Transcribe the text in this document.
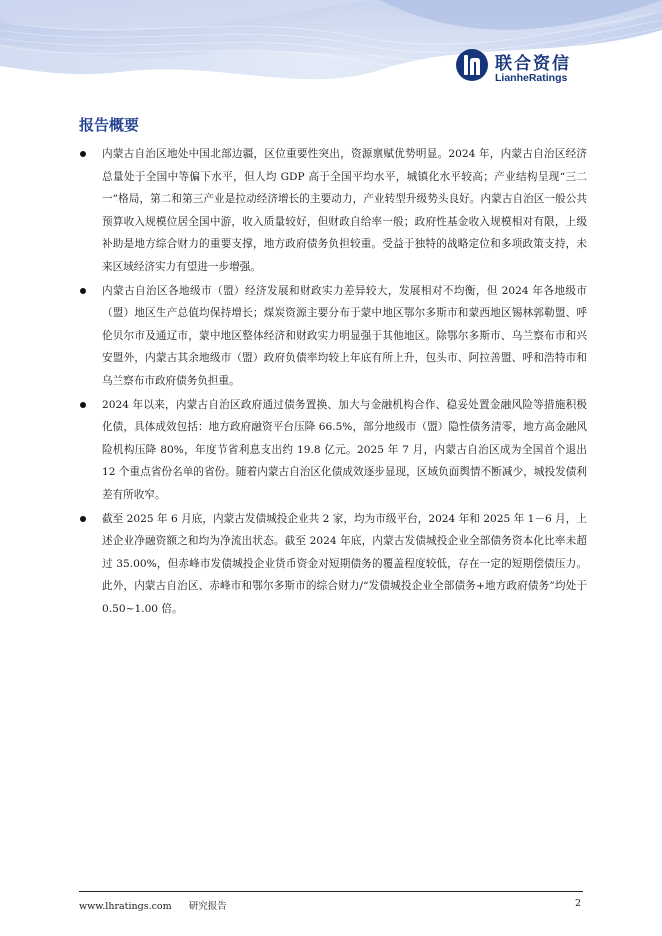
联合资信
LianheRatings
报告概要

内蒙古自治区地处中国北部边疆，区位重要性突出，资源禀赋优势明显。2024 年，内蒙古自治区经济总量处于全国中等偏下水平，但人均 GDP 高于全国平均水平，城镇化水平较高；产业结构呈现“三二一”格局，第二和第三产业是拉动经济增长的主要动力，产业转型升级势头良好。内蒙古自治区一般公共预算收入规模位居全国中游，收入质量较好，但财政自给率一般；政府性基金收入规模相对有限，上级补助是地方综合财力的重要支撑，地方政府债务负担较重。受益于独特的战略定位和多项政策支持，未来区域经济实力有望进一步增强。

内蒙古自治区各地级市（盟）经济发展和财政实力差异较大，发展相对不均衡，但 2024 年各地级市（盟）地区生产总值均保持增长；煤炭资源主要分布于蒙中地区鄂尔多斯市和蒙西地区锡林郭勒盟、呼伦贝尔市及通辽市，蒙中地区整体经济和财政实力明显强于其他地区。除鄂尔多斯市、乌兰察布市和兴安盟外，内蒙古其余地级市（盟）政府负债率均较上年底有所上升，包头市、阿拉善盟、呼和浩特市和乌兰察布市政府债务负担重。

2024 年以来，内蒙古自治区政府通过债务置换、加大与金融机构合作、稳妥处置金融风险等措施积极化债，具体成效包括：地方政府融资平台压降 66.5%，部分地级市（盟）隐性债务清零，地方高金融风险机构压降 80%，年度节省利息支出约 19.8 亿元。2025 年 7 月，内蒙古自治区成为全国首个退出 12 个重点省份名单的省份。随着内蒙古自治区化债成效逐步显现，区域负面舆情不断减少，城投发债利差有所收窄。

截至 2025 年 6 月底，内蒙古发债城投企业共 2 家，均为市级平台，2024 年和 2025 年 1－6 月，上述企业净融资额之和均为净流出状态。截至 2024 年底，内蒙古发债城投企业全部债务资本化比率未超过 35.00%，但赤峰市发债城投企业货币资金对短期债务的覆盖程度较低，存在一定的短期偿债压力。此外，内蒙古自治区、赤峰市和鄂尔多斯市的综合财力/“发债城投企业全部债务+地方政府债务”均处于 0.50~1.00 倍。

www.lhratings.com 研究报告	2
